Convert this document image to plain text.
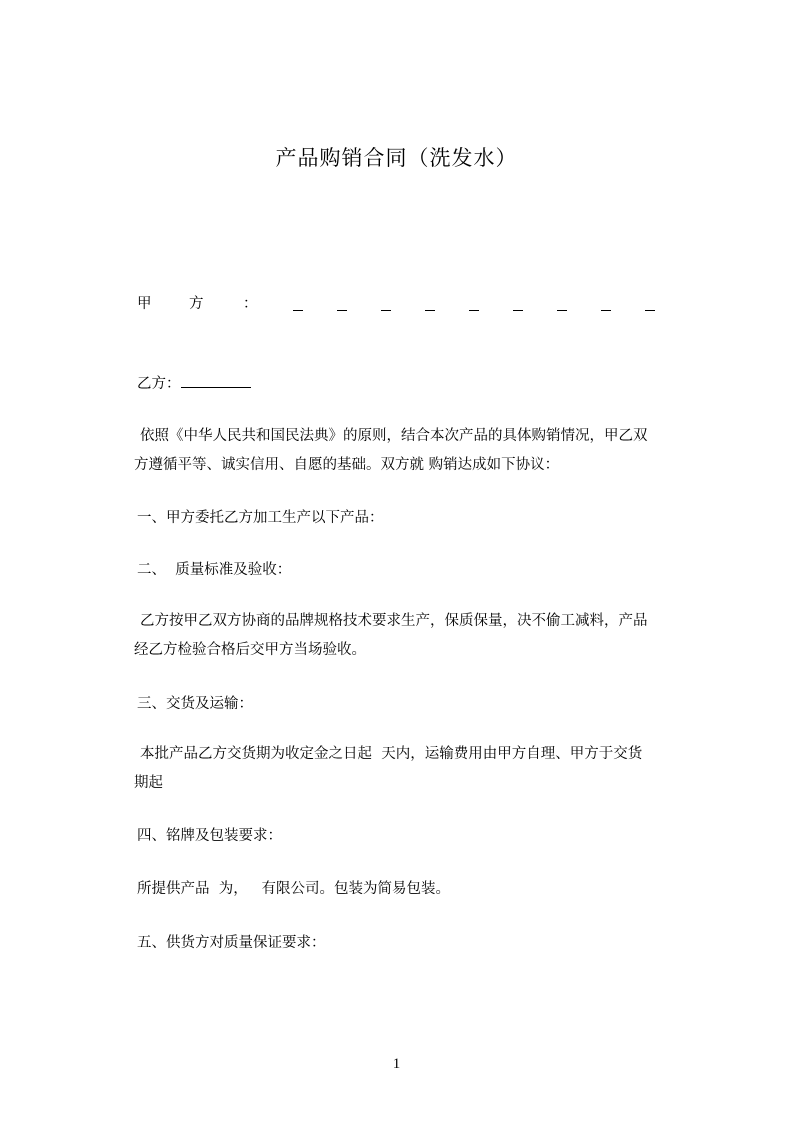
产品购销合同（洗发水）
甲	方	：
乙方：
依照《中华人民共和国民法典》的原则，结合本次产品的具体购销情况，甲乙双
方遵循平等、诚实信用、自愿的基础。双方就 购销达成如下协议：
一、甲方委托乙方加工生产以下产品：
二、  质量标准及验收：
乙方按甲乙双方协商的品牌规格技术要求生产，保质保量，决不偷工减料，产品
经乙方检验合格后交甲方当场验收。
三、交货及运输：
本批产品乙方交货期为收定金之日起  天内，运输费用由甲方自理、甲方于交货
期起
四、铭牌及包装要求：
所提供产品  为，   有限公司。包装为简易包装。
五、供货方对质量保证要求：
1
